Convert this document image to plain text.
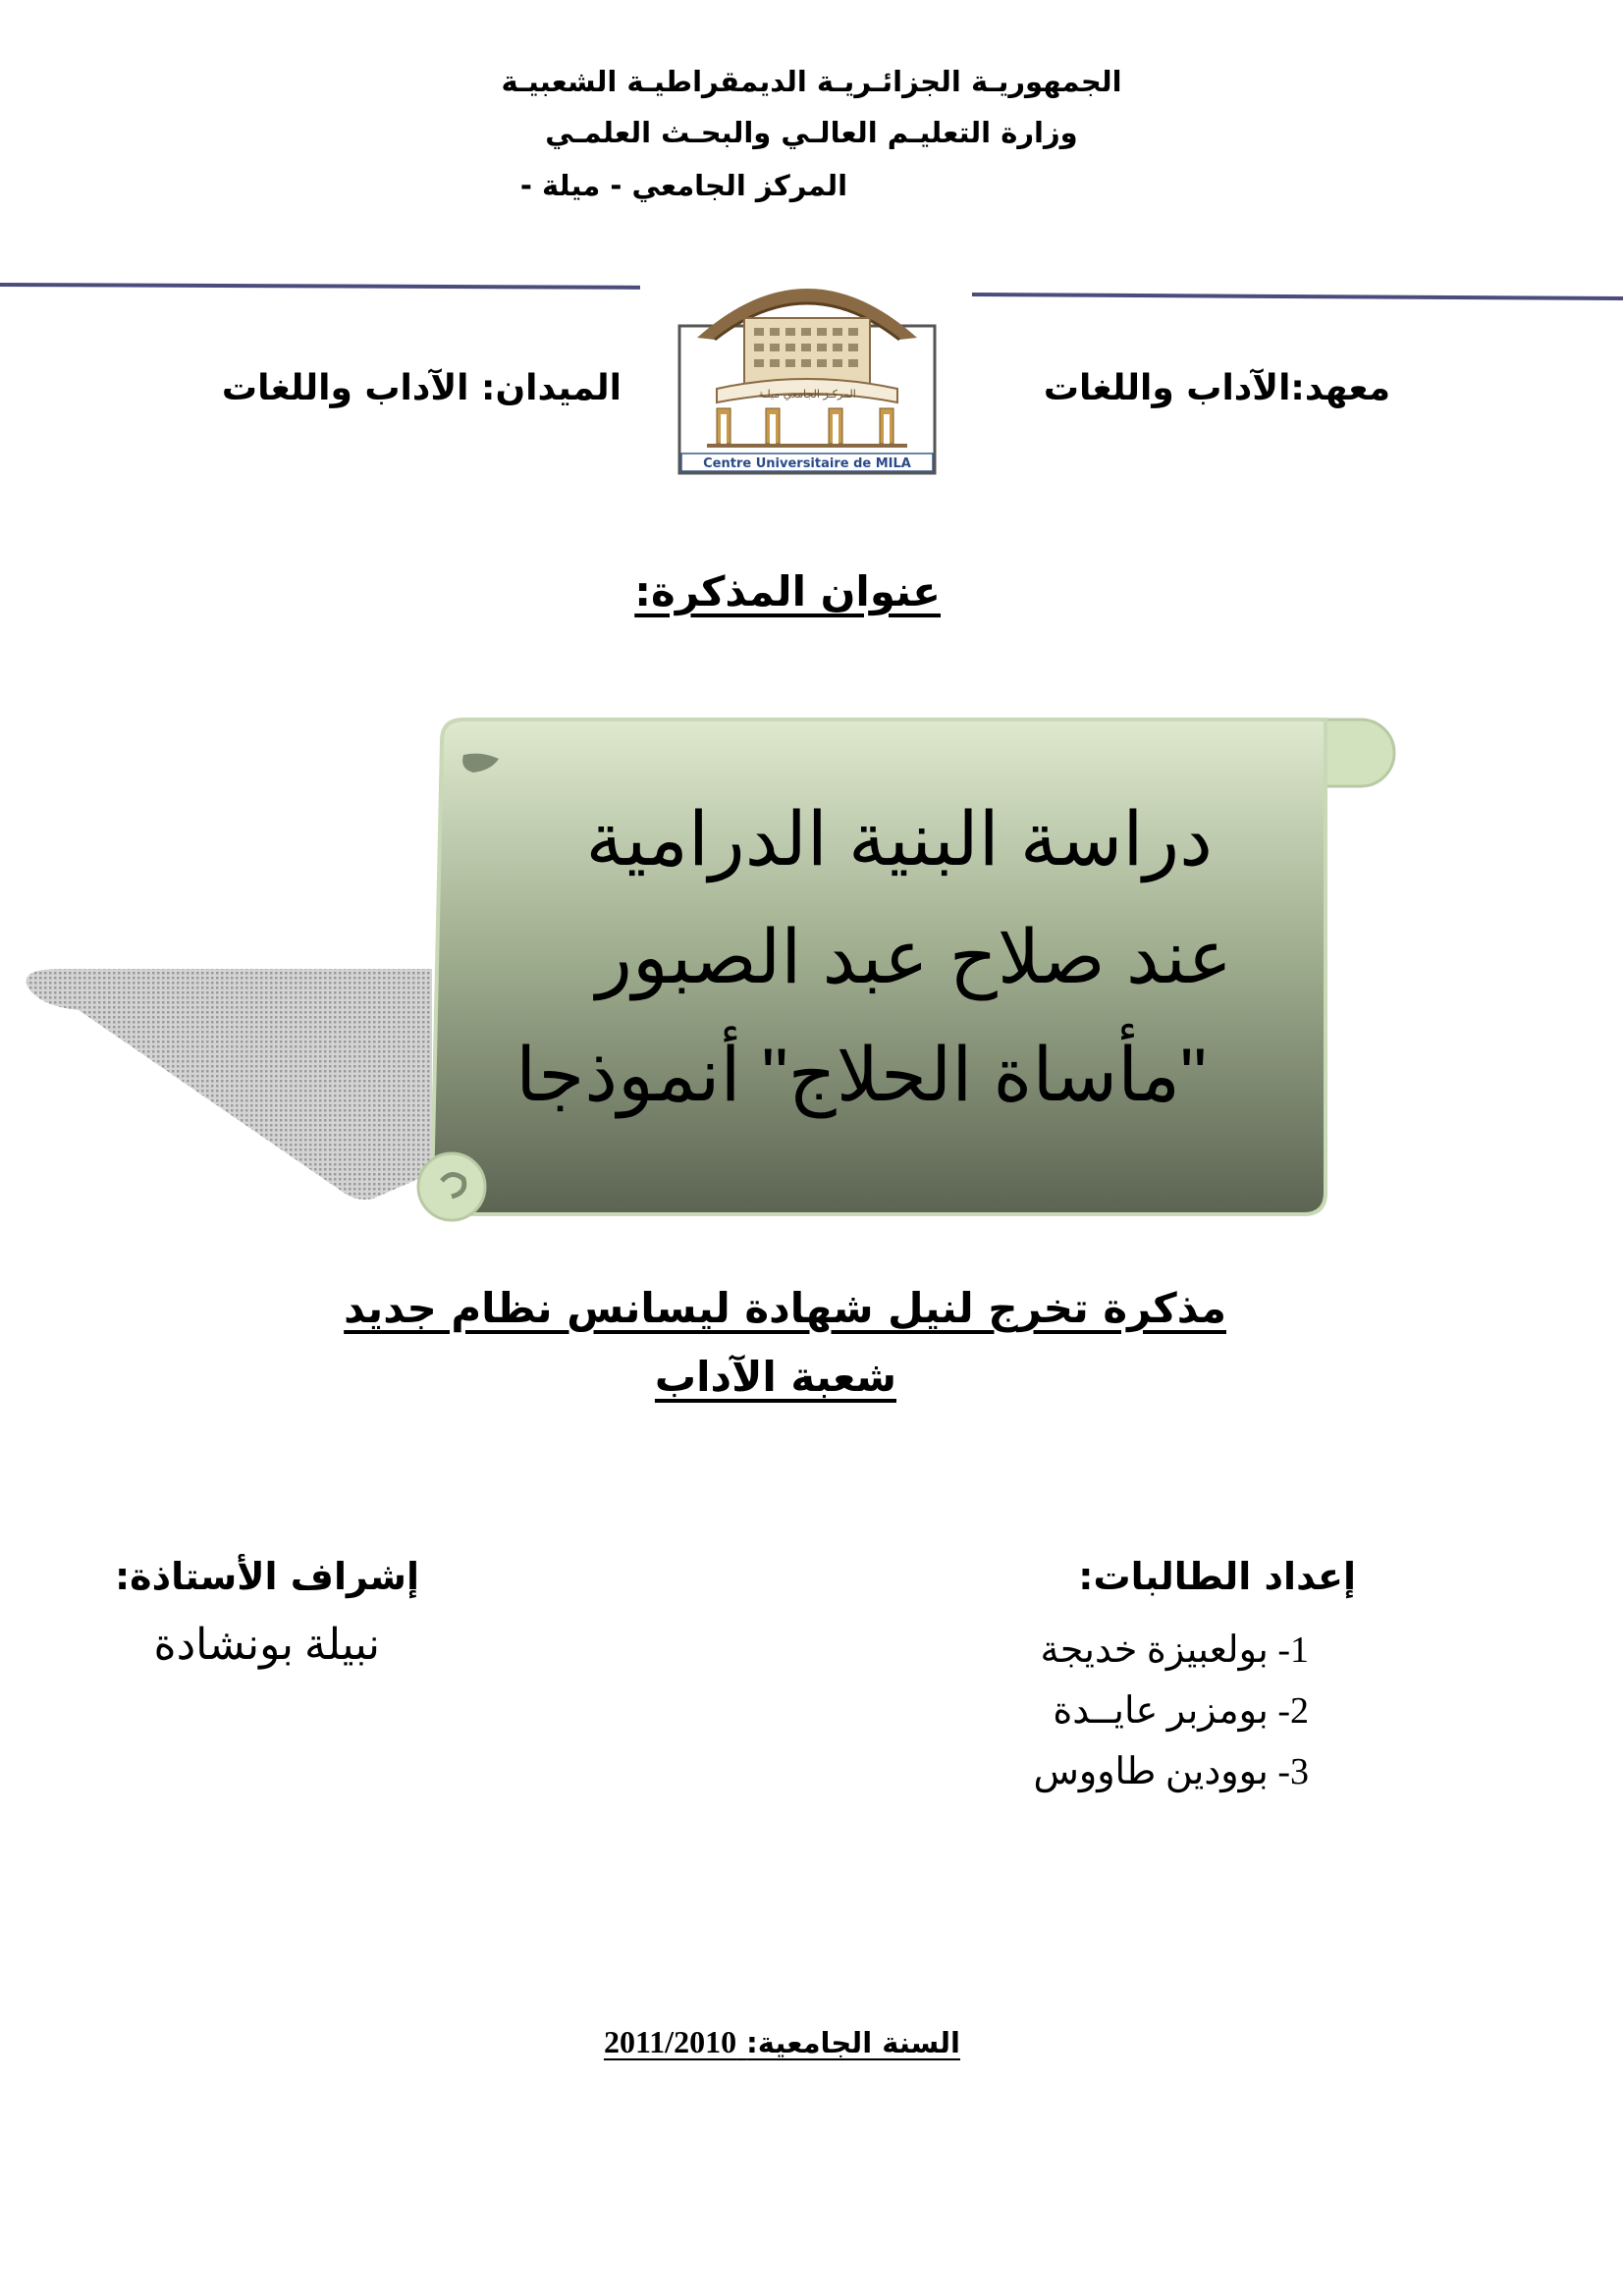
الجمهوريـة الجزائـريـة الديمقراطيـة الشعبيـة
وزارة التعليـم العالـي والبحـث العلمـي
المركز الجامعي - ميلة -
المركـز الجامعي ميلـة
Centre Universitaire de MILA
معهد:الآداب واللغات
الميدان: الآداب واللغات
عنوان المذكرة:
دراسة البنية الدرامية
عند صلاح عبد الصبور
"مأساة الحلاج" أنموذجا
مذكرة تخرج لنيل شهادة ليسانس نظام جديد
شعبة الآداب
إعداد الطالبات:
1- بولعبيزة خديجة
2- بومزبر عايــدة
3- بوودين طاووس
إشراف الأستاذة:
نبيلة بونشادة
السنة الجامعية: 2011/2010
